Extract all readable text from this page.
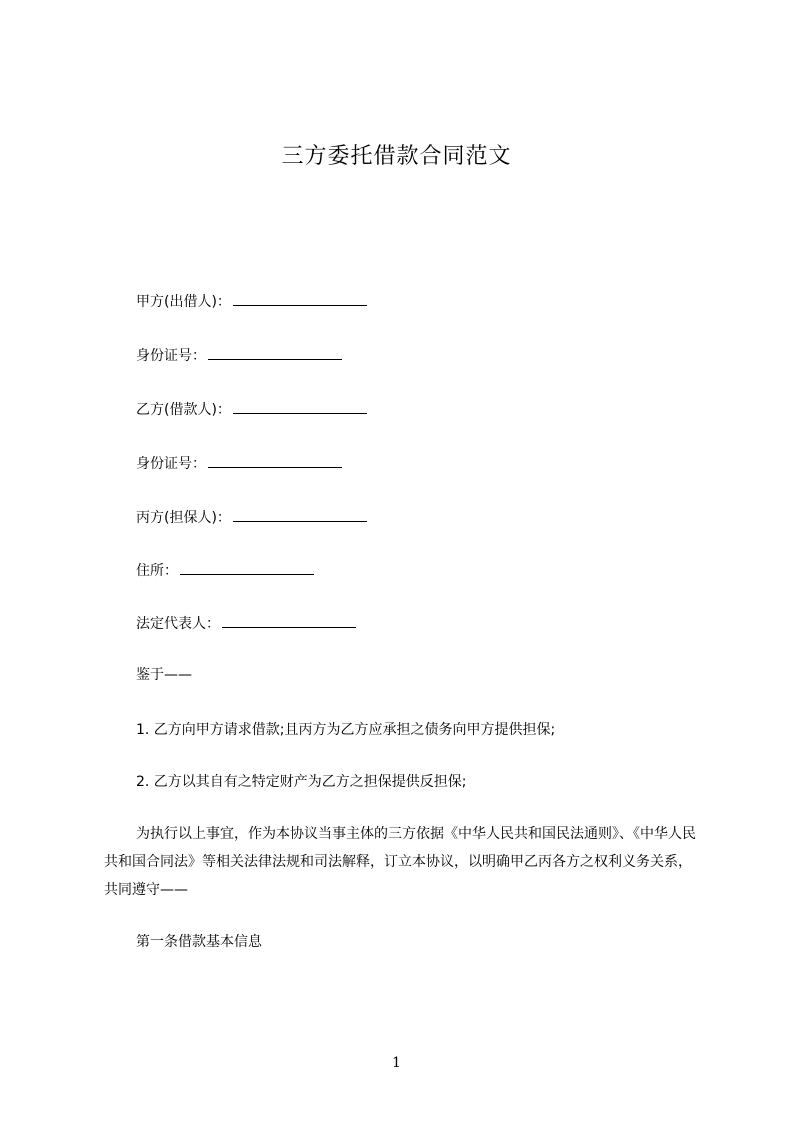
三方委托借款合同范文
甲方(出借人)：
身份证号：
乙方(借款人)：
身份证号：
丙方(担保人)：
住所：
法定代表人：
鉴于——
1. 乙方向甲方请求借款;且丙方为乙方应承担之债务向甲方提供担保;
2. 乙方以其自有之特定财产为乙方之担保提供反担保;
为执行以上事宜，作为本协议当事主体的三方依据《中华人民共和国民法通则》、《中华人民共和国合同法》等相关法律法规和司法解释，订立本协议，以明确甲乙丙各方之权利义务关系，共同遵守——
第一条借款基本信息
1
